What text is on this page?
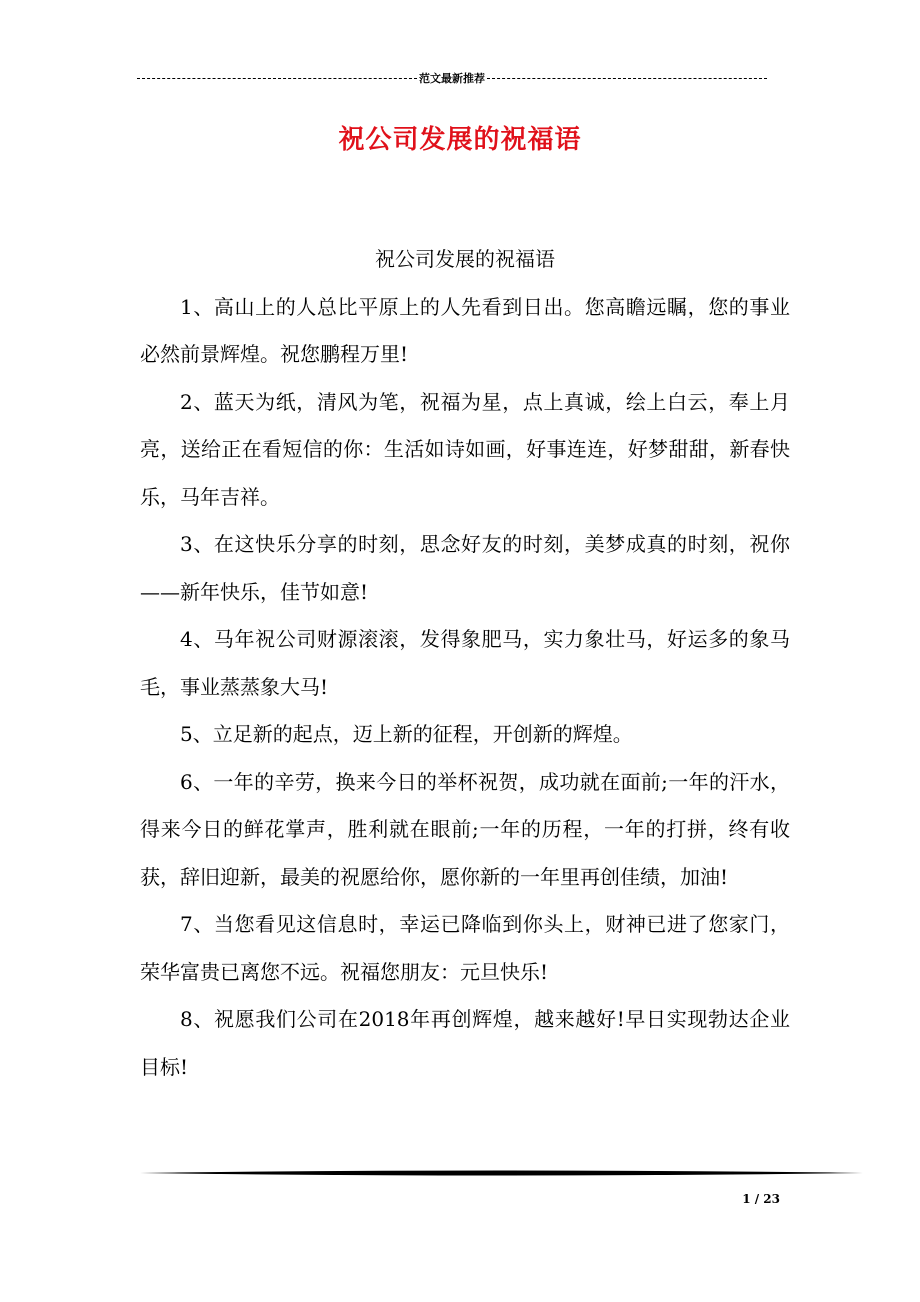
范文最新推荐
祝公司发展的祝福语

祝公司发展的祝福语

1、高山上的人总比平原上的人先看到日出。您高瞻远瞩，您的事业必然前景辉煌。祝您鹏程万里!

2、蓝天为纸，清风为笔，祝福为星，点上真诚，绘上白云，奉上月亮，送给正在看短信的你：生活如诗如画，好事连连，好梦甜甜，新春快乐，马年吉祥。

3、在这快乐分享的时刻，思念好友的时刻，美梦成真的时刻，祝你——新年快乐，佳节如意!

4、马年祝公司财源滚滚，发得象肥马，实力象壮马，好运多的象马毛，事业蒸蒸象大马!

5、立足新的起点，迈上新的征程，开创新的辉煌。

6、一年的辛劳，换来今日的举杯祝贺，成功就在面前;一年的汗水，得来今日的鲜花掌声，胜利就在眼前;一年的历程，一年的打拼，终有收获，辞旧迎新，最美的祝愿给你，愿你新的一年里再创佳绩，加油!

7、当您看见这信息时，幸运已降临到你头上，财神已进了您家门，荣华富贵已离您不远。祝福您朋友：元旦快乐!

8、祝愿我们公司在2018年再创辉煌，越来越好!早日实现勃达企业目标!

1 / 23
